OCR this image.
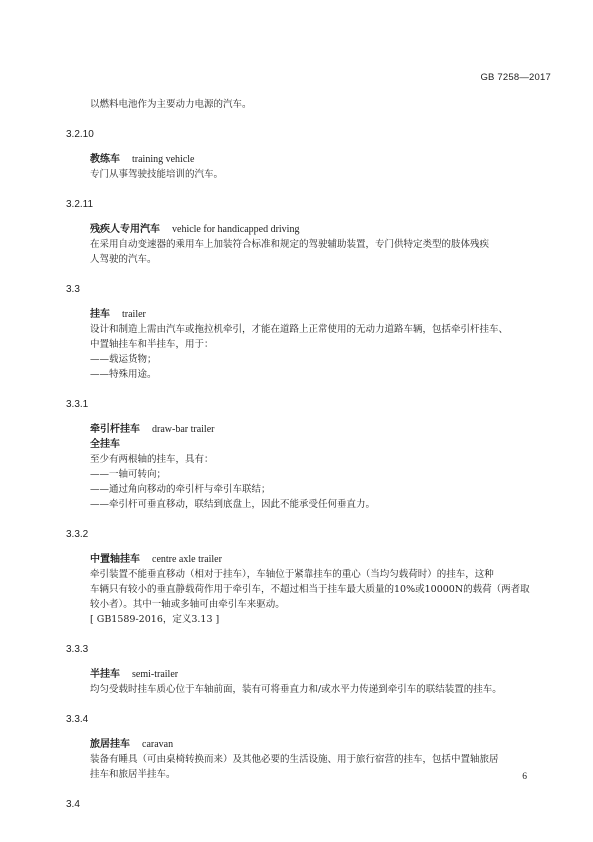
GB 7258—2017
以燃料电池作为主要动力电源的汽车。
3.2.10
教练车 training vehicle
专门从事驾驶技能培训的汽车。
3.2.11
残疾人专用汽车 vehicle for handicapped driving
在采用自动变速器的乘用车上加装符合标准和规定的驾驶辅助装置，专门供特定类型的肢体残疾
人驾驶的汽车。
3.3
挂车 trailer
设计和制造上需由汽车或拖拉机牵引，才能在道路上正常使用的无动力道路车辆，包括牵引杆挂车、
中置轴挂车和半挂车，用于：
——载运货物；
——特殊用途。
3.3.1
牵引杆挂车 draw-bar trailer
全挂车
至少有两根轴的挂车，具有：
——一轴可转向；
——通过角向移动的牵引杆与牵引车联结；
——牵引杆可垂直移动，联结到底盘上，因此不能承受任何垂直力。
3.3.2
中置轴挂车 centre axle trailer
牵引装置不能垂直移动（相对于挂车），车轴位于紧靠挂车的重心（当均匀载荷时）的挂车，这种
车辆只有较小的垂直静载荷作用于牵引车，不超过相当于挂车最大质量的10%或10000N的载荷（两者取
较小者）。其中一轴或多轴可由牵引车来驱动。
[ GB1589-2016，定义3.13 ]
3.3.3
半挂车 semi-trailer
均匀受载时挂车质心位于车轴前面，装有可将垂直力和/或水平力传递到牵引车的联结装置的挂车。
3.3.4
旅居挂车 caravan
装备有睡具（可由桌椅转换而来）及其他必要的生活设施、用于旅行宿营的挂车，包括中置轴旅居
挂车和旅居半挂车。
3.4
6
